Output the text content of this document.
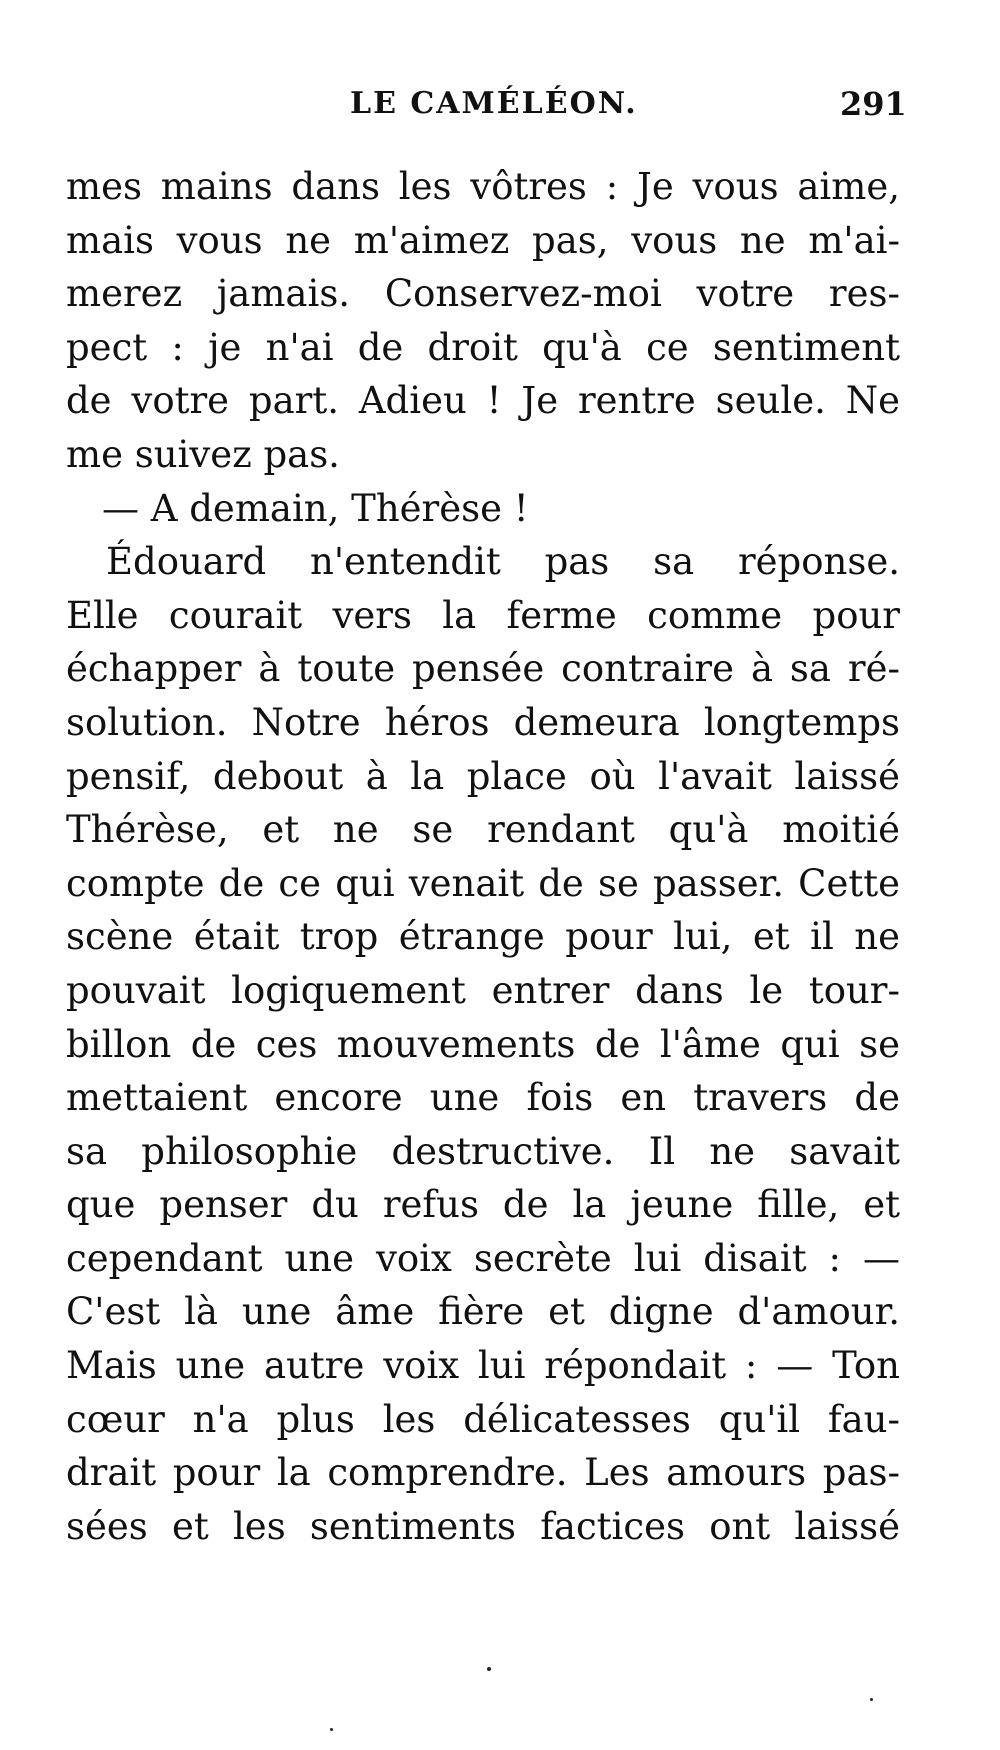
LE CAMÉLÉON.	291
mes mains dans les vôtres : Je vous aime,
mais vous ne m'aimez pas, vous ne m'ai-
merez jamais. Conservez-moi votre res-
pect : je n'ai de droit qu'à ce sentiment
de votre part. Adieu ! Je rentre seule. Ne
me suivez pas.
— A demain, Thérèse !
Édouard n'entendit pas sa réponse.
Elle courait vers la ferme comme pour
échapper à toute pensée contraire à sa ré-
solution. Notre héros demeura longtemps
pensif, debout à la place où l'avait laissé
Thérèse, et ne se rendant qu'à moitié
compte de ce qui venait de se passer. Cette
scène était trop étrange pour lui, et il ne
pouvait logiquement entrer dans le tour-
billon de ces mouvements de l'âme qui se
mettaient encore une fois en travers de
sa philosophie destructive. Il ne savait
que penser du refus de la jeune fille, et
cependant une voix secrète lui disait : —
C'est là une âme fière et digne d'amour.
Mais une autre voix lui répondait : — Ton
cœur n'a plus les délicatesses qu'il fau-
drait pour la comprendre. Les amours pas-
sées et les sentiments factices ont laissé
